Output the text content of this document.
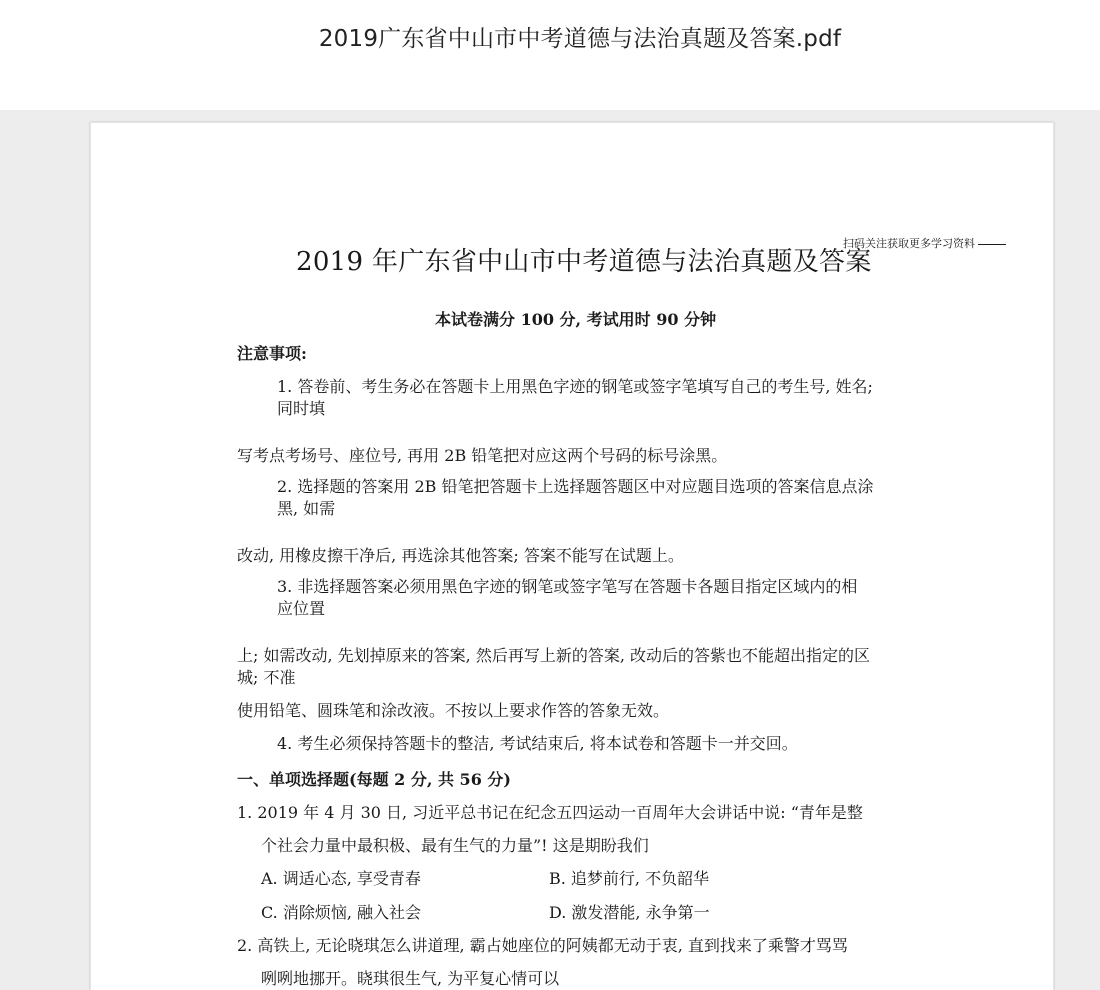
2019广东省中山市中考道德与法治真题及答案.pdf
2019 年广东省中山市中考道德与法治真题及答案
扫码关注获取更多学习资料
本试卷满分 100 分, 考试用时 90 分钟
注意事项:
1. 答卷前、考生务必在答题卡上用黑色字迹的钢笔或签字笔填写自己的考生号, 姓名;
同时填
写考点考场号、座位号, 再用 2B 铅笔把对应这两个号码的标号涂黑。
2. 选择题的答案用 2B 铅笔把答题卡上选择题答题区中对应题目选项的答案信息点涂
黑, 如需
改动, 用橡皮擦干净后, 再选涂其他答案; 答案不能写在试题上。
3. 非选择题答案必须用黑色字迹的钢笔或签字笔写在答题卡各题目指定区域内的相
应位置
上; 如需改动, 先划掉原来的答案, 然后再写上新的答案, 改动后的答紫也不能超出指定的区
城; 不准
使用铅笔、圆珠笔和涂改液。不按以上要求作答的答象无效。
4. 考生必须保持答题卡的整洁, 考试结束后, 将本试卷和答题卡一并交回。
一、单项选择题(每题 2 分, 共 56 分)
1. 2019 年 4 月 30 日, 习近平总书记在纪念五四运动一百周年大会讲话中说: “青年是整
个社会力量中最积极、最有生气的力量”! 这是期盼我们
A. 调适心态, 享受青春	B. 追梦前行, 不负韶华
C. 消除烦恼, 融入社会	D. 激发潜能, 永争第一
2. 高铁上, 无论晓琪怎么讲道理, 霸占她座位的阿姨都无动于衷, 直到找来了乘警才骂骂
咧咧地挪开。晓琪很生气, 为平复心情可以
